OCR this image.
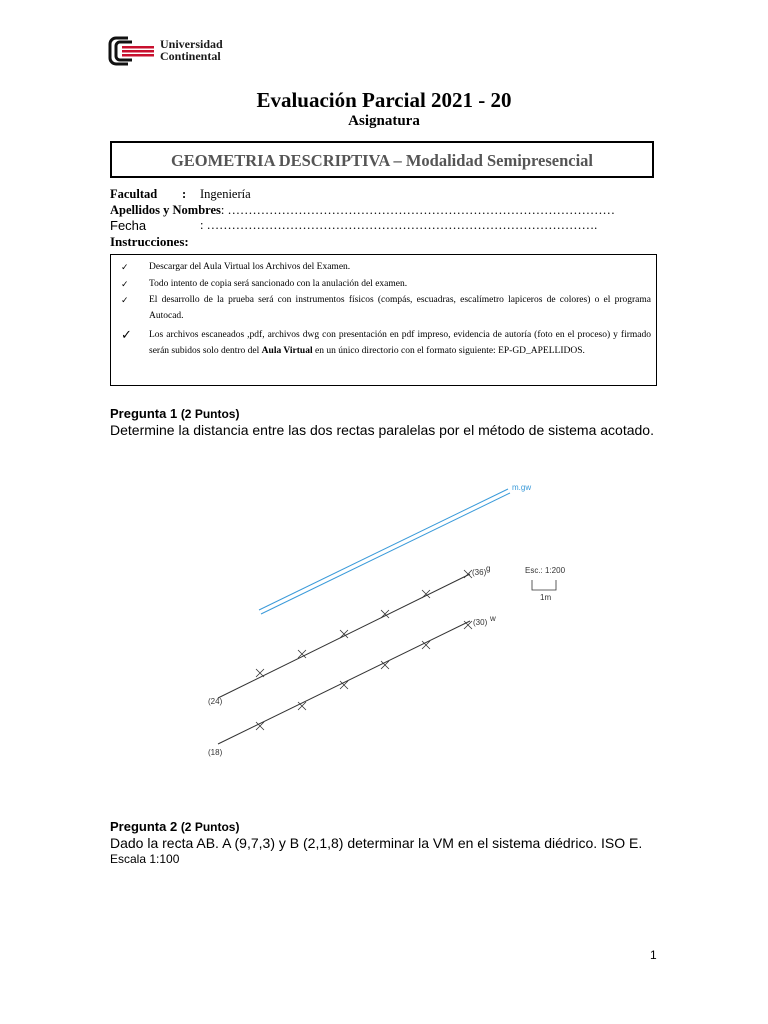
Universidad
Continental
Evaluación Parcial 2021 - 20
Asignatura
GEOMETRIA DESCRIPTIVA – Modalidad Semipresencial
Facultad : Ingeniería
Apellidos y Nombres: …………………………………………………………………………………
Fecha	: ………………………………………………………………………………….
Instrucciones:
✓	Descargar del Aula Virtual los Archivos del Examen.
✓	Todo intento de copia será sancionado con la anulación del examen.
✓	El desarrollo de la prueba será con instrumentos físicos (compás, escuadras, escalímetro lapiceros de colores) o el programa Autocad.
✓ Los archivos escaneados ,pdf, archivos dwg con presentación en pdf impreso, evidencia de autoría (foto en el proceso) y firmado serán subidos solo dentro del Aula Virtual en un único directorio con el formato siguiente: EP-GD_APELLIDOS.
Pregunta 1 (2 Puntos)
Determine la distancia entre las dos rectas paralelas por el método de sistema acotado.
m.gw
(36) g
(30) w
(24)
(18)
Esc.: 1:200
1m
Pregunta 2 (2 Puntos)
Dado la recta AB. A (9,7,3) y B (2,1,8) determinar la VM en el sistema diédrico. ISO E.
Escala 1:100
1
